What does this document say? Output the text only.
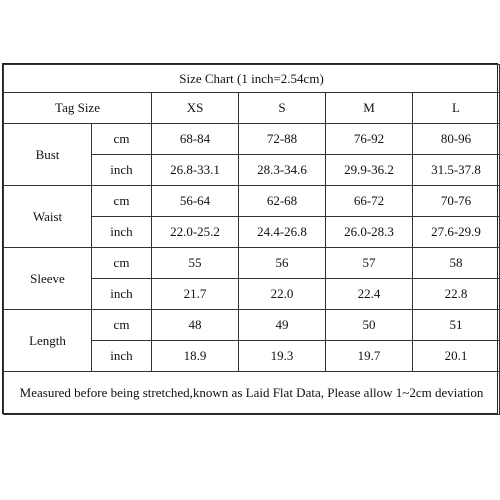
Size Chart (1 inch=2.54cm)					
Tag Size		XS	S	M	L
Bust	cm	68-84	72-88	76-92	80-96
	inch	26.8-33.1	28.3-34.6	29.9-36.2	31.5-37.8
Waist	cm	56-64	62-68	66-72	70-76
	inch	22.0-25.2	24.4-26.8	26.0-28.3	27.6-29.9
Sleeve	cm	55	56	57	58
	inch	21.7	22.0	22.4	22.8
Length	cm	48	49	50	51
	inch	18.9	19.3	19.7	20.1
Measured before being stretched,known as Laid Flat Data, Please allow 1~2cm deviation					
